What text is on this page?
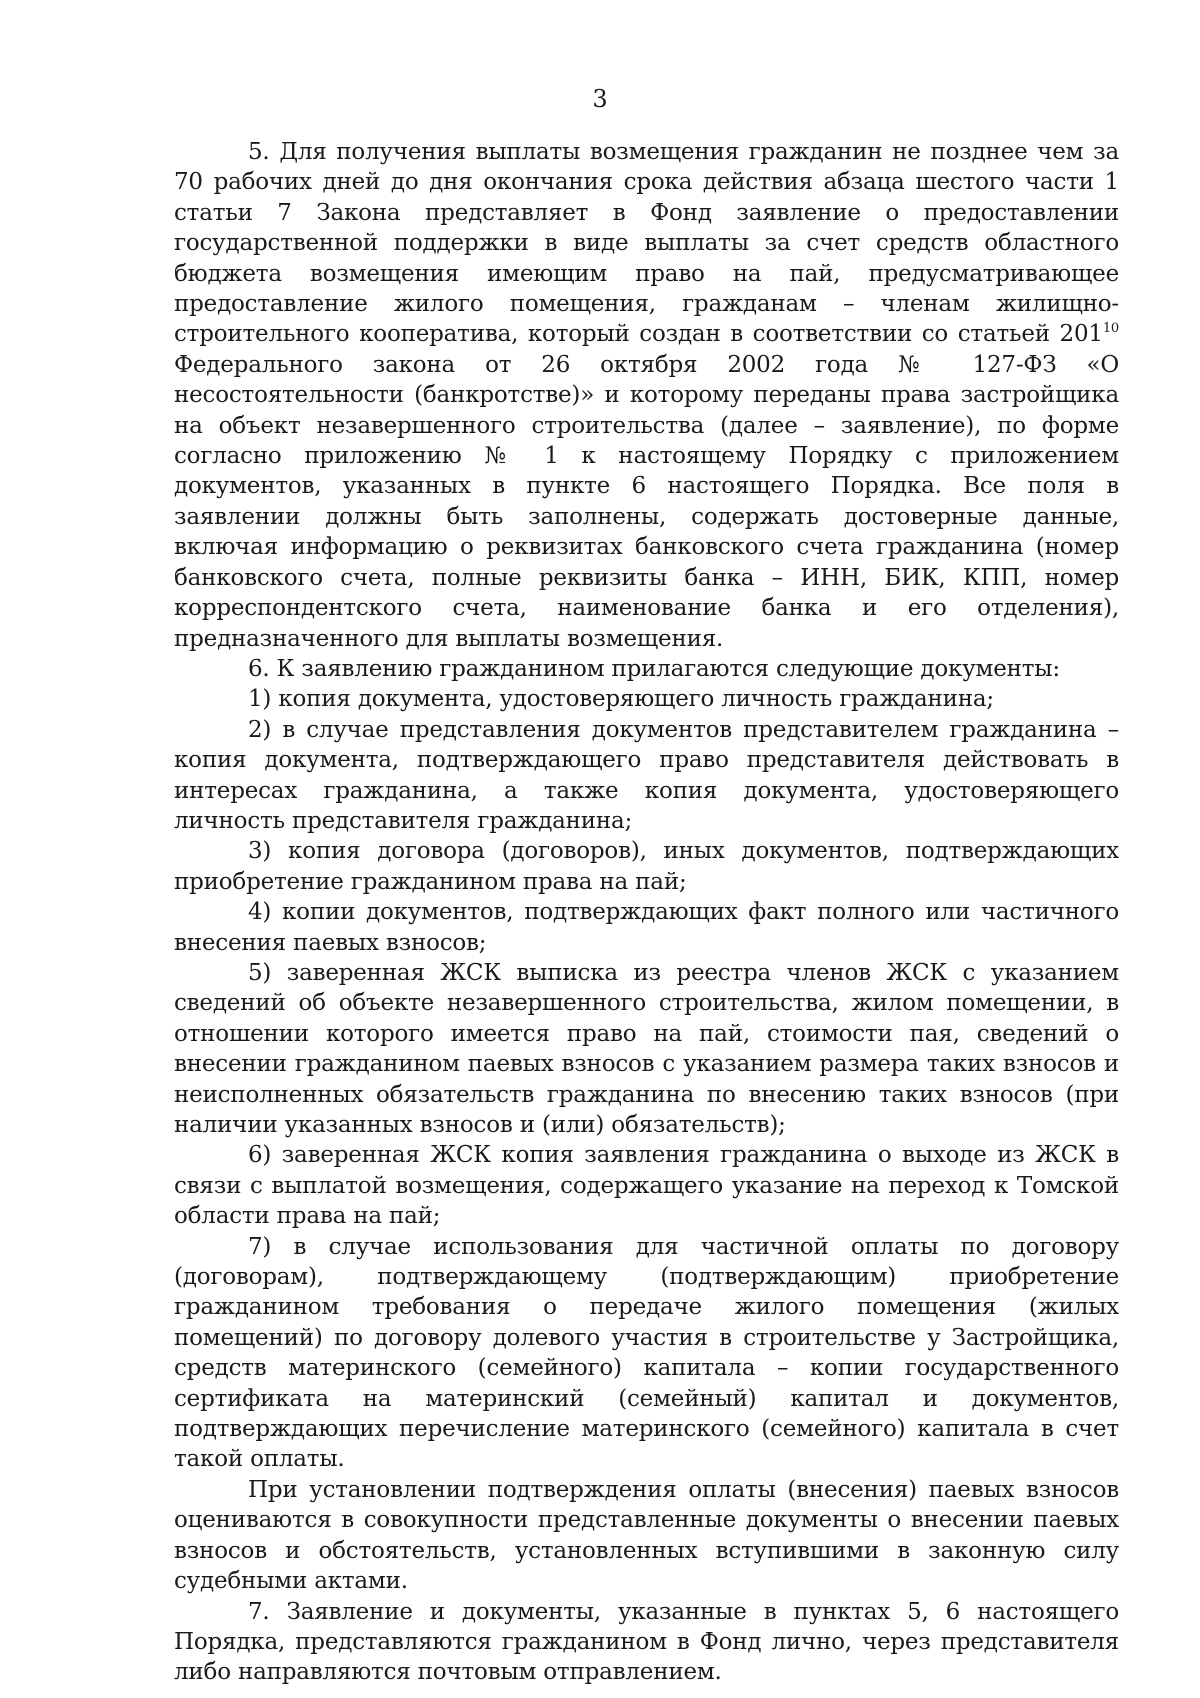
3

5. Для получения выплаты возмещения гражданин не позднее чем за 70 рабочих дней до дня окончания срока действия абзаца шестого части 1 статьи 7 Закона представляет в Фонд заявление о предоставлении государственной поддержки в виде выплаты за счет средств областного бюджета возмещения имеющим право на пай, предусматривающее предоставление жилого помещения, гражданам – членам жилищно-строительного кооператива, который создан в соответствии со статьей $201^{10}$ Федерального закона от 26 октября 2002 года № 127-ФЗ «О несостоятельности (банкротстве)» и которому переданы права застройщика на объект незавершенного строительства (далее – заявление), по форме согласно приложению № 1 к настоящему Порядку с приложением документов, указанных в пункте 6 настоящего Порядка. Все поля в заявлении должны быть заполнены, содержать достоверные данные, включая информацию о реквизитах банковского счета гражданина (номер банковского счета, полные реквизиты банка – ИНН, БИК, КПП, номер корреспондентского счета, наименование банка и его отделения), предназначенного для выплаты возмещения.

6. К заявлению гражданином прилагаются следующие документы:

1) копия документа, удостоверяющего личность гражданина;

2) в случае представления документов представителем гражданина – копия документа, подтверждающего право представителя действовать в интересах гражданина, а также копия документа, удостоверяющего личность представителя гражданина;

3) копия договора (договоров), иных документов, подтверждающих приобретение гражданином права на пай;

4) копии документов, подтверждающих факт полного или частичного внесения паевых взносов;

5) заверенная ЖСК выписка из реестра членов ЖСК с указанием сведений об объекте незавершенного строительства, жилом помещении, в отношении которого имеется право на пай, стоимости пая, сведений о внесении гражданином паевых взносов с указанием размера таких взносов и неисполненных обязательств гражданина по внесению таких взносов (при наличии указанных взносов и (или) обязательств);

6) заверенная ЖСК копия заявления гражданина о выходе из ЖСК в связи с выплатой возмещения, содержащего указание на переход к Томской области права на пай;

7) в случае использования для частичной оплаты по договору (договорам), подтверждающему (подтверждающим) приобретение гражданином требования о передаче жилого помещения (жилых помещений) по договору долевого участия в строительстве у Застройщика, средств материнского (семейного) капитала – копии государственного сертификата на материнский (семейный) капитал и документов, подтверждающих перечисление материнского (семейного) капитала в счет такой оплаты.

При установлении подтверждения оплаты (внесения) паевых взносов оцениваются в совокупности представленные документы о внесении паевых взносов и обстоятельств, установленных вступившими в законную силу судебными актами.

7. Заявление и документы, указанные в пунктах 5, 6 настоящего Порядка, представляются гражданином в Фонд лично, через представителя либо направляются почтовым отправлением.
